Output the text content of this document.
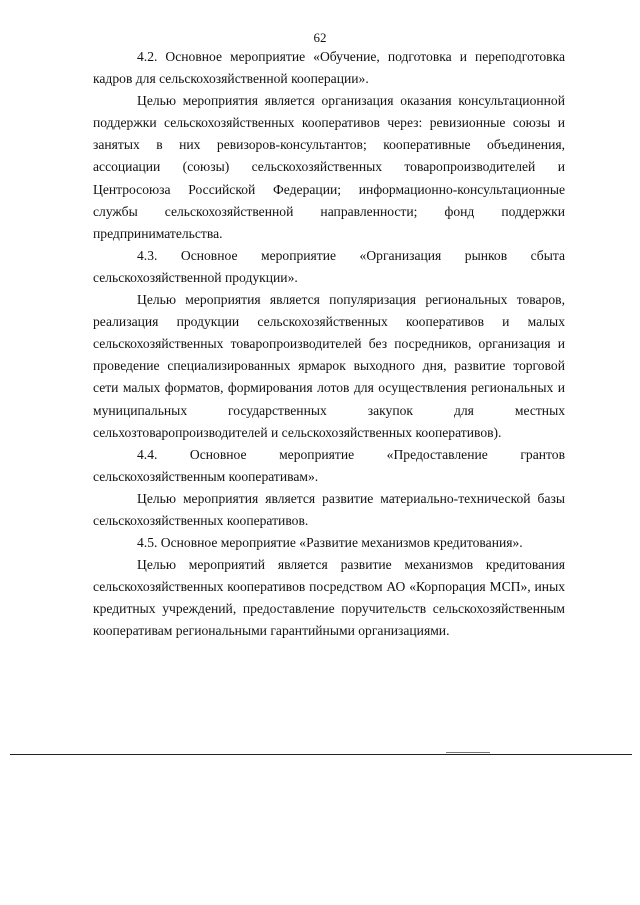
62

4.2. Основное мероприятие «Обучение, подготовка и переподготовка кадров для сельскохозяйственной кооперации».

Целью мероприятия является организация оказания консультационной поддержки сельскохозяйственных кооперативов через: ревизионные союзы и занятых в них ревизоров-консультантов; кооперативные объединения, ассоциации (союзы) сельскохозяйственных товаропроизводителей и Центросоюза Российской Федерации; информационно-консультационные службы сельскохозяйственной направленности; фонд поддержки предпринимательства.

4.3. Основное мероприятие «Организация рынков сбыта сельскохозяйственной продукции».

Целью мероприятия является популяризация региональных товаров, реализация продукции сельскохозяйственных кооперативов и малых сельскохозяйственных товаропроизводителей без посредников, организация и проведение специализированных ярмарок выходного дня, развитие торговой сети малых форматов, формирования лотов для осуществления региональных и муниципальных государственных закупок для местных сельхозтоваропроизводителей и сельскохозяйственных кооперативов).

4.4. Основное мероприятие «Предоставление грантов сельскохозяйственным кооперативам».

Целью мероприятия является развитие материально-технической базы сельскохозяйственных кооперативов.

4.5. Основное мероприятие «Развитие механизмов кредитования».

Целью мероприятий является развитие механизмов кредитования сельскохозяйственных кооперативов посредством АО «Корпорация МСП», иных кредитных учреждений, предоставление поручительств сельскохозяйственным кооперативам региональными гарантийными организациями.
